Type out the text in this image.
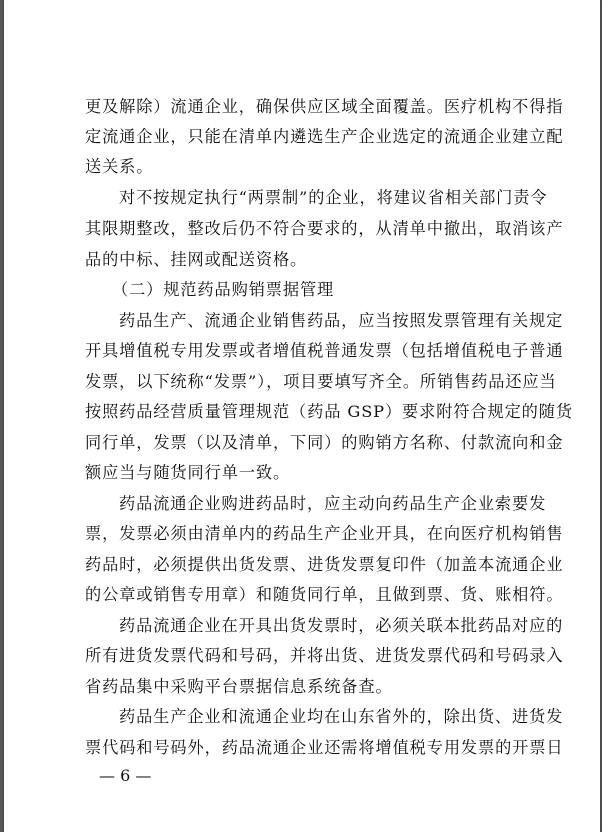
更及解除）流通企业，确保供应区域全面覆盖。医疗机构不得指
定流通企业，只能在清单内遴选生产企业选定的流通企业建立配
送关系。
对不按规定执行“两票制”的企业，将建议省相关部门责令
其限期整改，整改后仍不符合要求的，从清单中撤出，取消该产
品的中标、挂网或配送资格。
（二）规范药品购销票据管理
药品生产、流通企业销售药品，应当按照发票管理有关规定
开具增值税专用发票或者增值税普通发票（包括增值税电子普通
发票，以下统称“发票”），项目要填写齐全。所销售药品还应当
按照药品经营质量管理规范（药品 GSP）要求附符合规定的随货
同行单，发票（以及清单，下同）的购销方名称、付款流向和金
额应当与随货同行单一致。
药品流通企业购进药品时，应主动向药品生产企业索要发
票，发票必须由清单内的药品生产企业开具，在向医疗机构销售
药品时，必须提供出货发票、进货发票复印件（加盖本流通企业
的公章或销售专用章）和随货同行单，且做到票、货、账相符。
药品流通企业在开具出货发票时，必须关联本批药品对应的
所有进货发票代码和号码，并将出货、进货发票代码和号码录入
省药品集中采购平台票据信息系统备查。
药品生产企业和流通企业均在山东省外的，除出货、进货发
票代码和号码外，药品流通企业还需将增值税专用发票的开票日
— 6 —
